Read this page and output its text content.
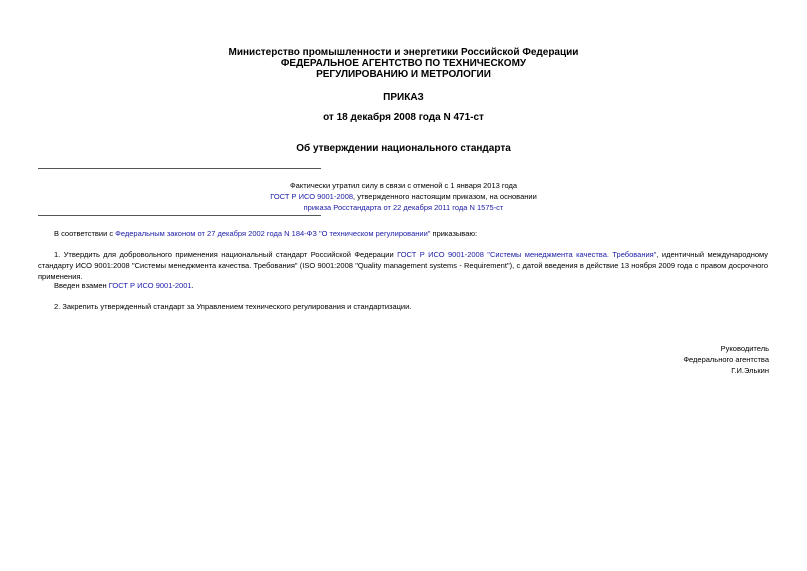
Министерство промышленности и энергетики Российской Федерации
ФЕДЕРАЛЬНОЕ АГЕНТСТВО ПО ТЕХНИЧЕСКОМУ
РЕГУЛИРОВАНИЮ И МЕТРОЛОГИИ
ПРИКАЗ
от 18 декабря 2008 года N 471-ст
Об утверждении национального стандарта
Фактически утратил силу в связи с отменой с 1 января 2013 года
ГОСТ Р ИСО 9001-2008, утвержденного настоящим приказом, на основании
приказа Росстандарта от 22 декабря 2011 года N 1575-ст
В соответствии с Федеральным законом от 27 декабря 2002 года N 184-ФЗ "О техническом регулировании" приказываю:
1. Утвердить для добровольного применения национальный стандарт Российской Федерации ГОСТ Р ИСО 9001-2008 "Системы менеджмента качества. Требования", идентичный международному стандарту ИСО 9001:2008 "Системы менеджмента качества. Требования" (ISO 9001:2008 "Quality management systems - Requirement"), с датой введения в действие 13 ноября 2009 года с правом досрочного применения.
Введен взамен ГОСТ Р ИСО 9001-2001.
2. Закрепить утвержденный стандарт за Управлением технического регулирования и стандартизации.
Руководитель
Федерального агентства
Г.И.Элькин
